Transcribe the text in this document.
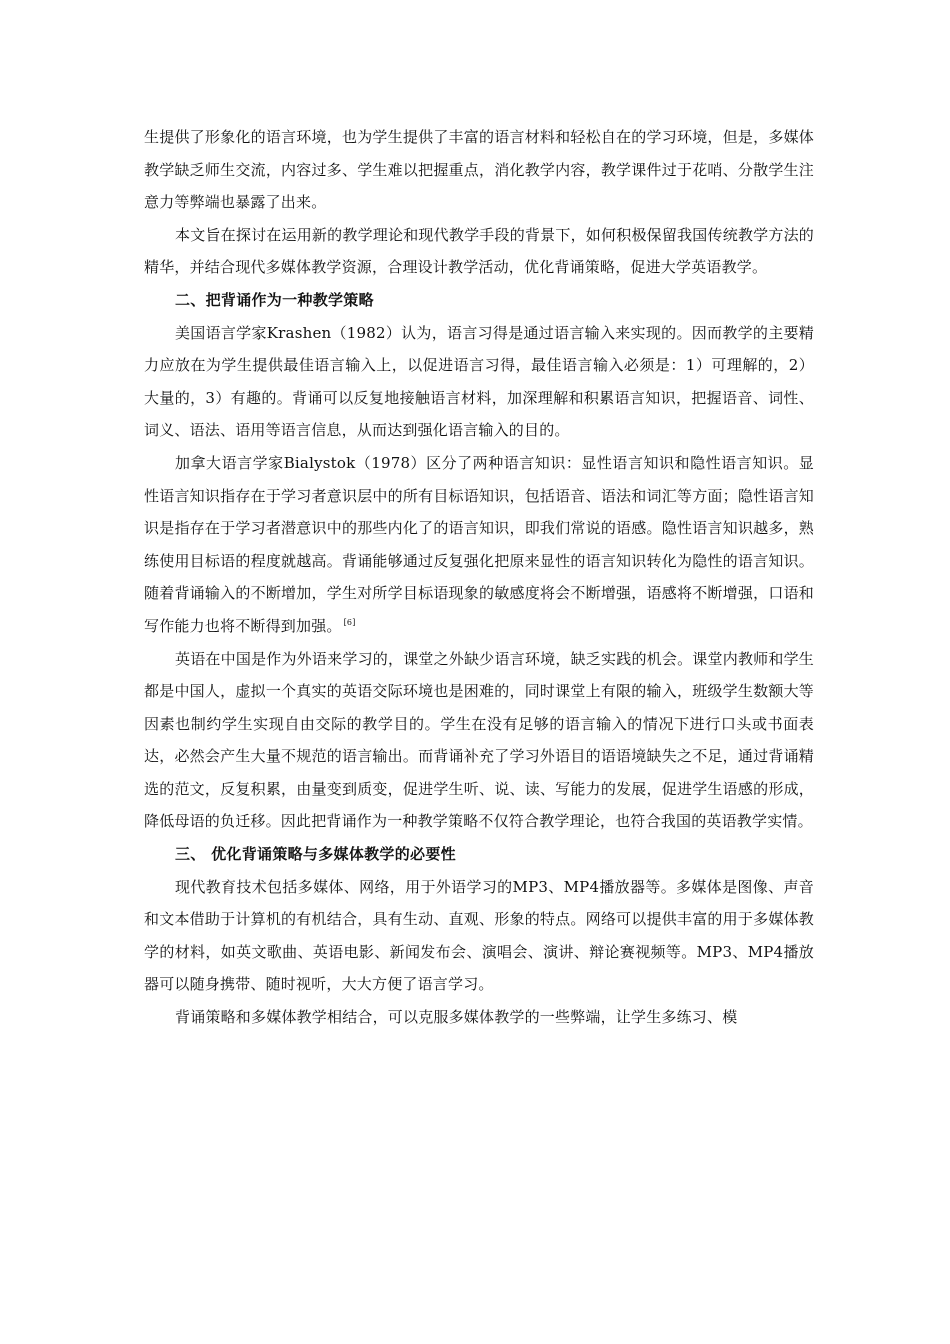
生提供了形象化的语言环境，也为学生提供了丰富的语言材料和轻松自在的学习环境，但是，多媒体教学缺乏师生交流，内容过多、学生难以把握重点，消化教学内容，教学课件过于花哨、分散学生注意力等弊端也暴露了出来。

本文旨在探讨在运用新的教学理论和现代教学手段的背景下，如何积极保留我国传统教学方法的精华，并结合现代多媒体教学资源，合理设计教学活动，优化背诵策略，促进大学英语教学。

二、把背诵作为一种教学策略

美国语言学家Krashen（1982）认为，语言习得是通过语言输入来实现的。因而教学的主要精力应放在为学生提供最佳语言输入上，以促进语言习得，最佳语言输入必须是：1）可理解的，2）大量的，3）有趣的。背诵可以反复地接触语言材料，加深理解和积累语言知识，把握语音、词性、词义、语法、语用等语言信息，从而达到强化语言输入的目的。

加拿大语言学家Bialystok（1978）区分了两种语言知识：显性语言知识和隐性语言知识。显性语言知识指存在于学习者意识层中的所有目标语知识，包括语音、语法和词汇等方面；隐性语言知识是指存在于学习者潜意识中的那些内化了的语言知识，即我们常说的语感。隐性语言知识越多，熟练使用目标语的程度就越高。背诵能够通过反复强化把原来显性的语言知识转化为隐性的语言知识。随着背诵输入的不断增加，学生对所学目标语现象的敏感度将会不断增强，语感将不断增强，口语和写作能力也将不断得到加强。 [6]

英语在中国是作为外语来学习的，课堂之外缺少语言环境，缺乏实践的机会。课堂内教师和学生都是中国人，虚拟一个真实的英语交际环境也是困难的，同时课堂上有限的输入，班级学生数额大等因素也制约学生实现自由交际的教学目的。学生在没有足够的语言输入的情况下进行口头或书面表达，必然会产生大量不规范的语言输出。而背诵补充了学习外语目的语语境缺失之不足，通过背诵精选的范文，反复积累，由量变到质变，促进学生听、说、读、写能力的发展，促进学生语感的形成，降低母语的负迁移。因此把背诵作为一种教学策略不仅符合教学理论，也符合我国的英语教学实情。

三、 优化背诵策略与多媒体教学的必要性

现代教育技术包括多媒体、网络，用于外语学习的MP3、MP4播放器等。多媒体是图像、声音和文本借助于计算机的有机结合，具有生动、直观、形象的特点。网络可以提供丰富的用于多媒体教学的材料，如英文歌曲、英语电影、新闻发布会、演唱会、演讲、辩论赛视频等。MP3、MP4播放器可以随身携带、随时视听，大大方便了语言学习。

背诵策略和多媒体教学相结合，可以克服多媒体教学的一些弊端，让学生多练习、模
